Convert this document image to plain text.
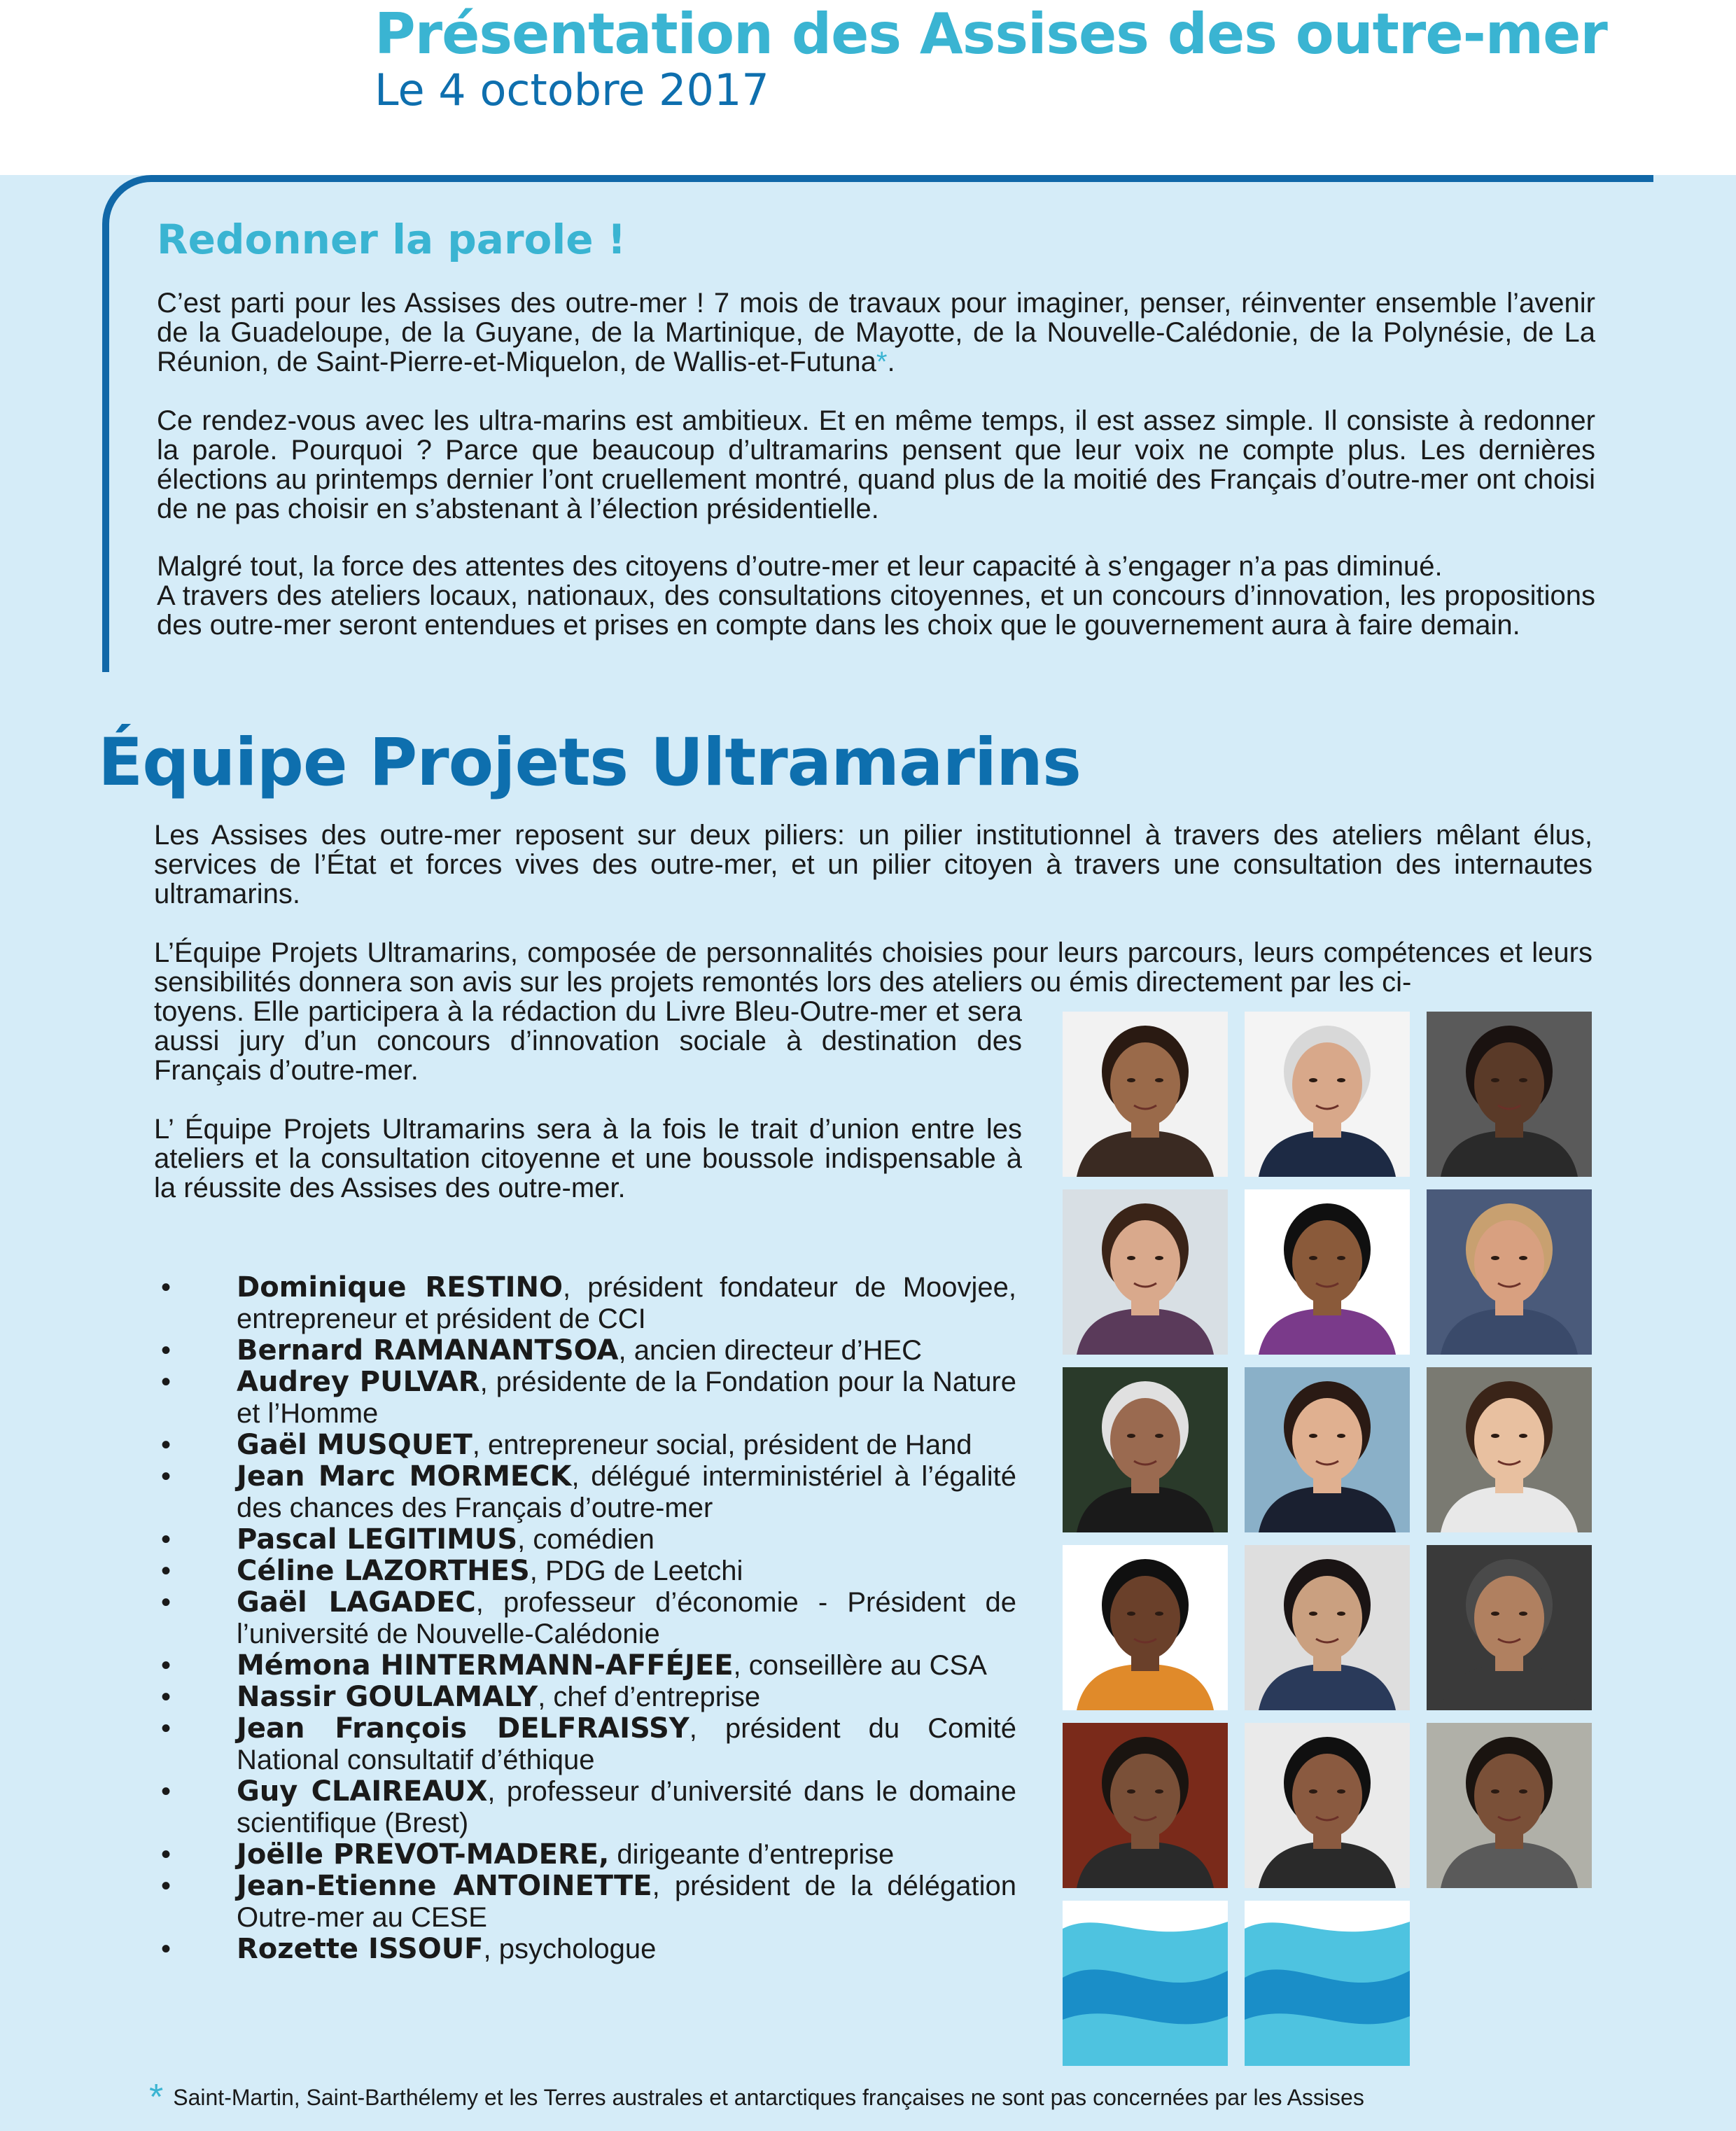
Présentation des Assises des outre-mer
Le 4 octobre 2017
Redonner la parole !

C’est parti pour les Assises des outre-mer ! 7 mois de travaux pour imaginer, penser, réinventer ensemble l’avenir de la Guadeloupe, de la Guyane, de la Martinique, de Mayotte, de la Nouvelle-Calédonie, de la Polynésie, de La Réunion, de Saint-Pierre-et-Miquelon, de Wallis-et-Futuna*.

Ce rendez-vous avec les ultra-marins est ambitieux. Et en même temps, il est assez simple. Il consiste à redonner la parole. Pourquoi ? Parce que beaucoup d’ultramarins pensent que leur voix ne compte plus. Les dernières élections au printemps dernier l’ont cruellement montré, quand plus de la moitié des Français d’outre-mer ont choisi de ne pas choisir en s’abstenant à l’élection présidentielle.

Malgré tout, la force des attentes des citoyens d’outre-mer et leur capacité à s’engager n’a pas diminué.

A travers des ateliers locaux, nationaux, des consultations citoyennes, et un concours d’innovation, les propositions des outre-mer seront entendues et prises en compte dans les choix que le gouvernement aura à faire demain.

Équipe Projets Ultramarins

Les Assises des outre-mer reposent sur deux piliers: un pilier institutionnel à travers des ateliers mêlant élus, services de l’État et forces vives des outre-mer, et un pilier citoyen à travers une consultation des internautes ultramarins.

L’Équipe Projets Ultramarins, composée de personnalités choisies pour leurs parcours, leurs compétences et leurs sensibilités donnera son avis sur les projets remontés lors des ateliers ou émis directement par les ci-

toyens. Elle participera à la rédaction du Livre Bleu-Outre-mer et sera aussi jury d’un concours d’innovation sociale à destination des Français d’outre-mer.

L’ Équipe Projets Ultramarins sera à la fois le trait d’union entre les ateliers et la consultation citoyenne et une boussole indispensable à la réussite des Assises des outre-mer.

• Dominique RESTINO, président fondateur de Moovjee, entrepreneur et président de CCI
• Bernard RAMANANTSOA, ancien directeur d’HEC
• Audrey PULVAR, présidente de la Fondation pour la Nature et l’Homme
• Gaël MUSQUET, entrepreneur social, président de Hand
• Jean Marc MORMECK, délégué interministériel à l’égalité des chances des Français d’outre-mer
• Pascal LEGITIMUS, comédien
• Céline LAZORTHES, PDG de Leetchi
• Gaël LAGADEC, professeur d’économie - Président de l’université de Nouvelle-Calédonie
• Mémona HINTERMANN-AFFÉJEE, conseillère au CSA
• Nassir GOULAMALY, chef d’entreprise
• Jean François DELFRAISSY, président du Comité National consultatif d’éthique
• Guy CLAIREAUX, professeur d’université dans le domaine scientifique (Brest)
• Joëlle PREVOT-MADERE, dirigeante d’entreprise
• Jean-Etienne ANTOINETTE, président de la délégation Outre-mer au CESE
• Rozette ISSOUF, psychologue
* Saint-Martin, Saint-Barthélemy et les Terres australes et antarctiques françaises ne sont pas concernées par les Assises
